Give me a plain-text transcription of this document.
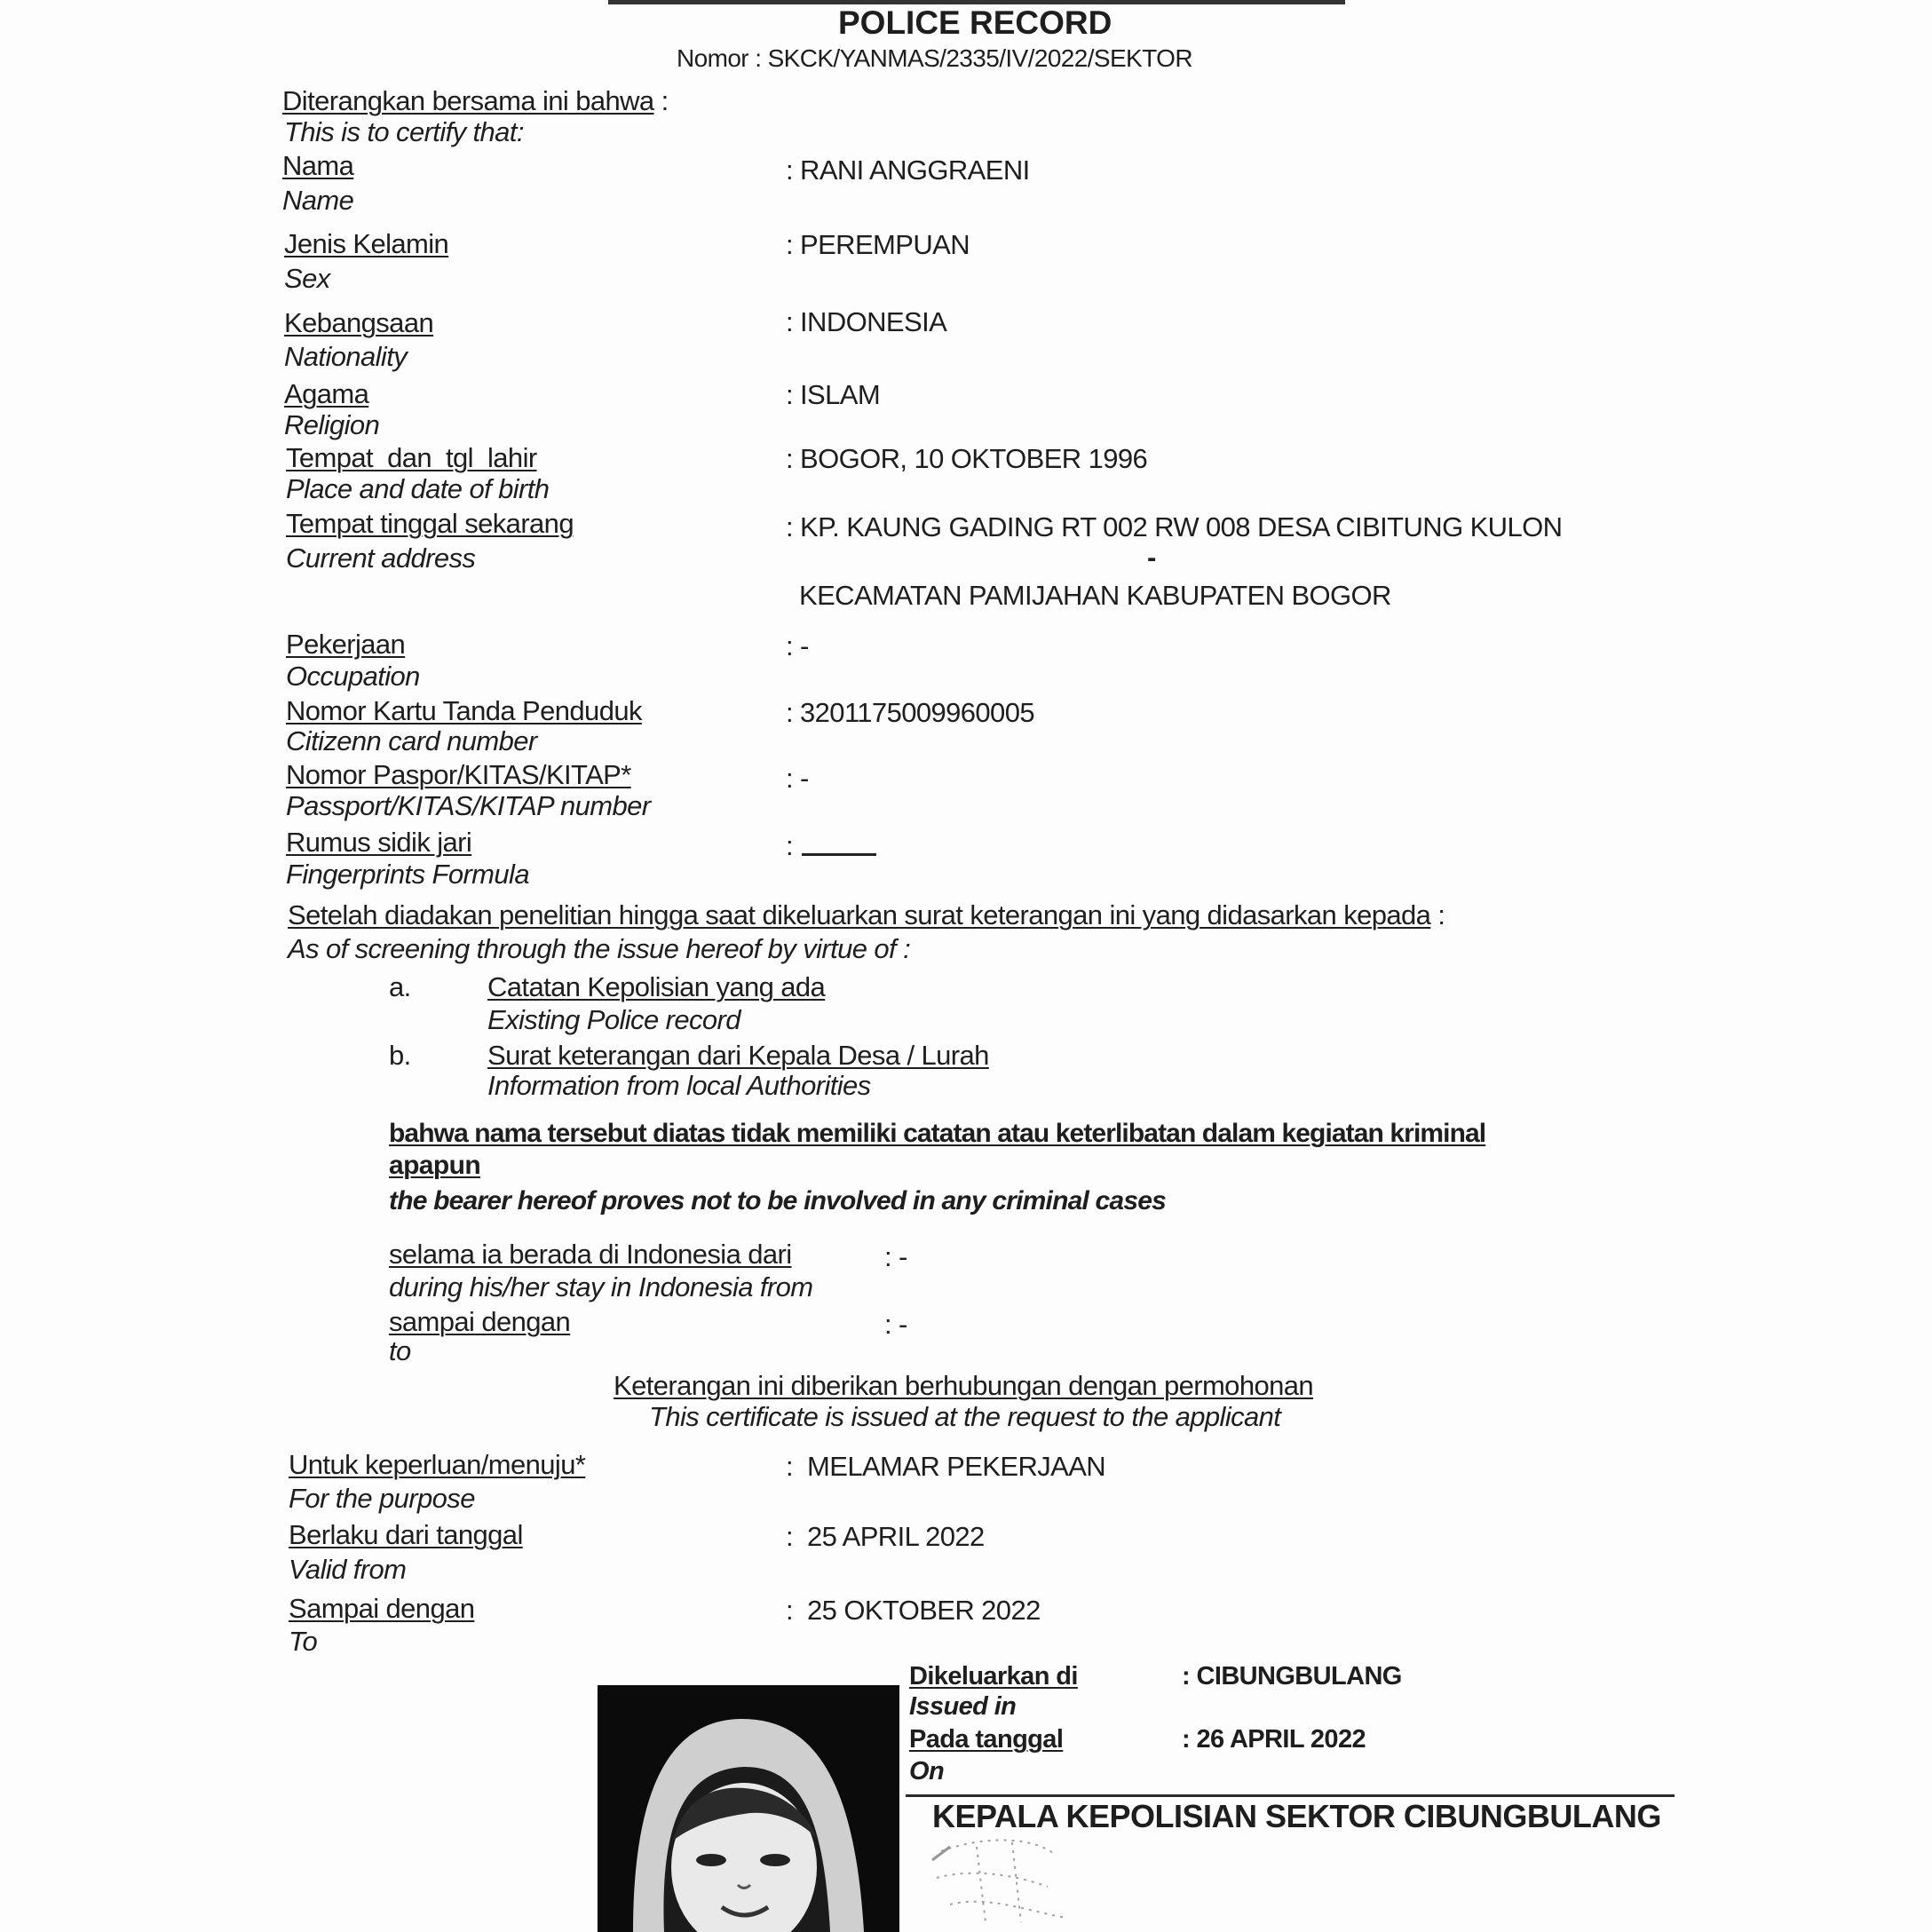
POLICE RECORD
Nomor : SKCK/YANMAS/2335/IV/2022/SEKTOR
Diterangkan bersama ini bahwa :
This is to certify that:
Nama
Name
: RANI ANGGRAENI
Jenis Kelamin
Sex
: PEREMPUAN
Kebangsaan
Nationality
: INDONESIA
Agama
Religion
: ISLAM
Tempat  dan  tgl  lahir
Place and date of birth
: BOGOR, 10 OKTOBER 1996
Tempat tinggal sekarang
Current address
: KP. KAUNG GADING RT 002 RW 008 DESA CIBITUNG KULON
-
KECAMATAN PAMIJAHAN KABUPATEN BOGOR
Pekerjaan
Occupation
: -
Nomor Kartu Tanda Penduduk
Citizenn card number
: 3201175009960005
Nomor Paspor/KITAS/KITAP*
Passport/KITAS/KITAP number
: -
Rumus sidik jari
Fingerprints Formula
:
Setelah diadakan penelitian hingga saat dikeluarkan surat keterangan ini yang didasarkan kepada :
As of screening through the issue hereof by virtue of :
a.	Catatan Kepolisian yang ada
Existing Police record
b.	Surat keterangan dari Kepala Desa / Lurah
Information from local Authorities
bahwa nama tersebut diatas tidak memiliki catatan atau keterlibatan dalam kegiatan kriminal
apapun
the bearer hereof proves not to be involved in any criminal cases
selama ia berada di Indonesia dari
during his/her stay in Indonesia from
: -
sampai dengan
to
: -
Keterangan ini diberikan berhubungan dengan permohonan
This certificate is issued at the request to the applicant
Untuk keperluan/menuju*
For the purpose
:  MELAMAR PEKERJAAN
Berlaku dari tanggal
Valid from
:  25 APRIL 2022
Sampai dengan
To
:  25 OKTOBER 2022
Dikeluarkan di
Issued in
: CIBUNGBULANG
Pada tanggal
On
: 26 APRIL 2022
KEPALA KEPOLISIAN SEKTOR CIBUNGBULANG
